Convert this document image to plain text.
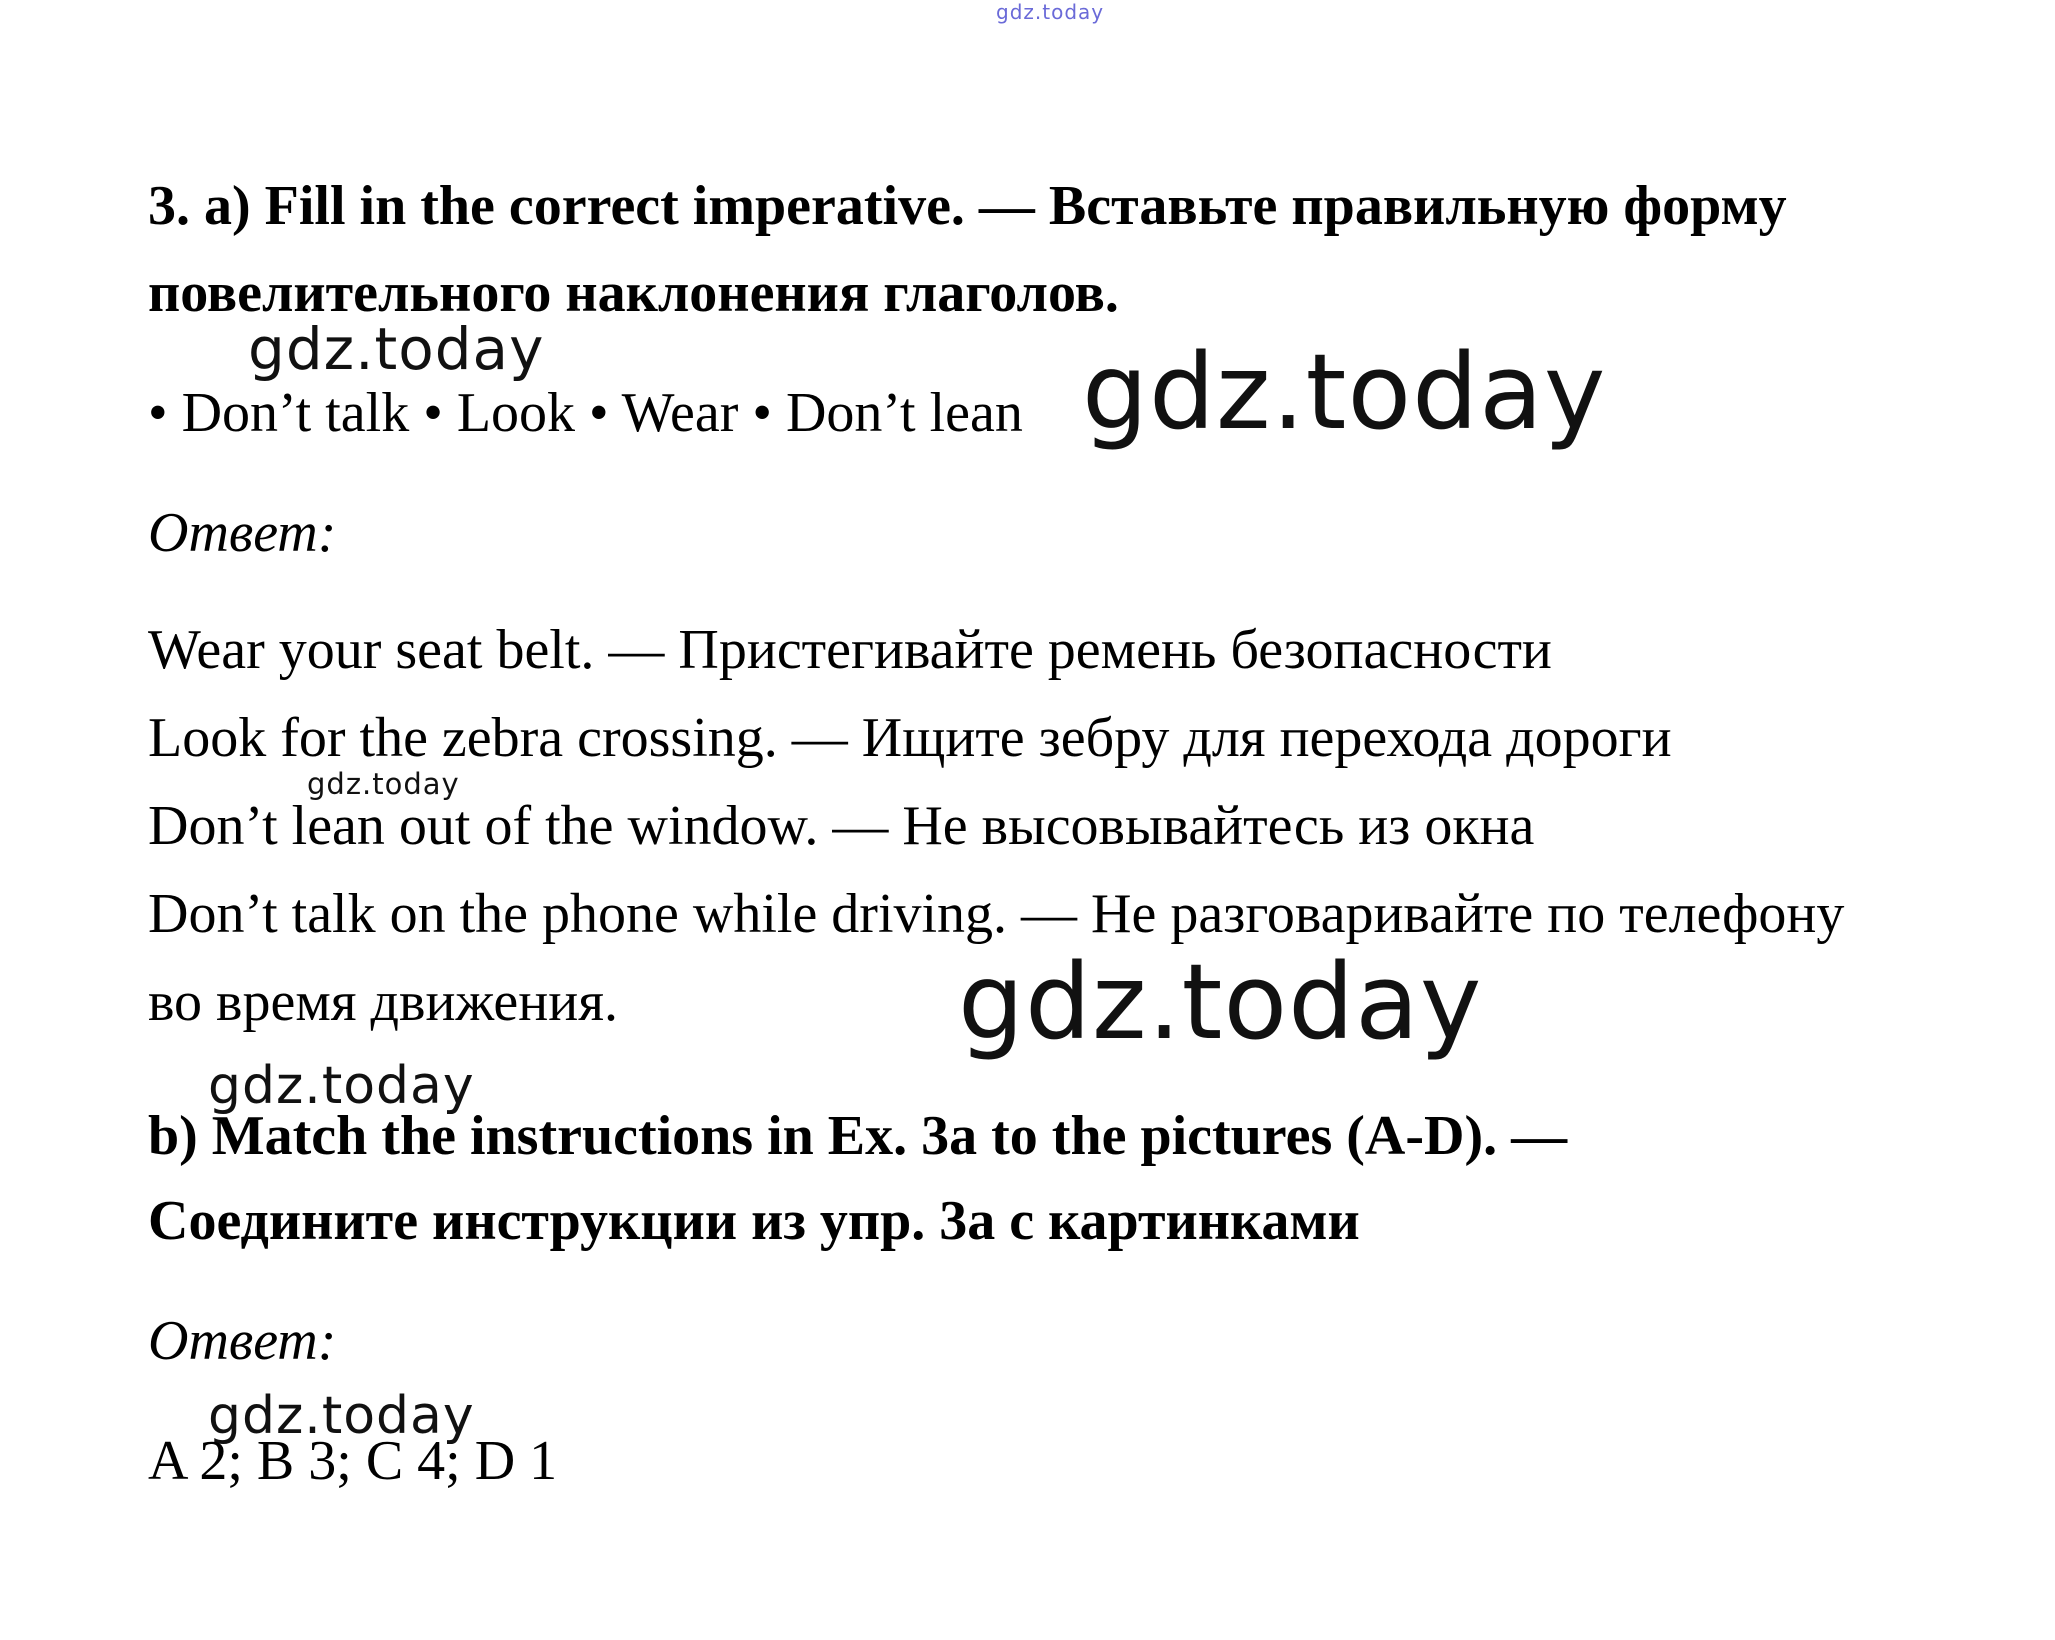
gdz.today
gdz.today	gdz.today
gdz.today
gdz.today
gdz.today
gdz.today
3. a) Fill in the correct imperative. — Вставьте правильную форму
повелительного наклонения глаголов.
• Don’t talk • Look • Wear • Don’t lean
Ответ:
Wear your seat belt. — Пристегивайте ремень безопасности
Look for the zebra crossing. — Ищите зебру для перехода дороги
Don’t lean out of the window. — Не высовывайтесь из окна
Don’t talk on the phone while driving. — Не разговаривайте по телефону
во время движения.
b) Match the instructions in Ex. 3a to the pictures (A-D). —
Соедините инструкции из упр. 3а с картинками
Ответ:
A 2; B 3; C 4; D 1
